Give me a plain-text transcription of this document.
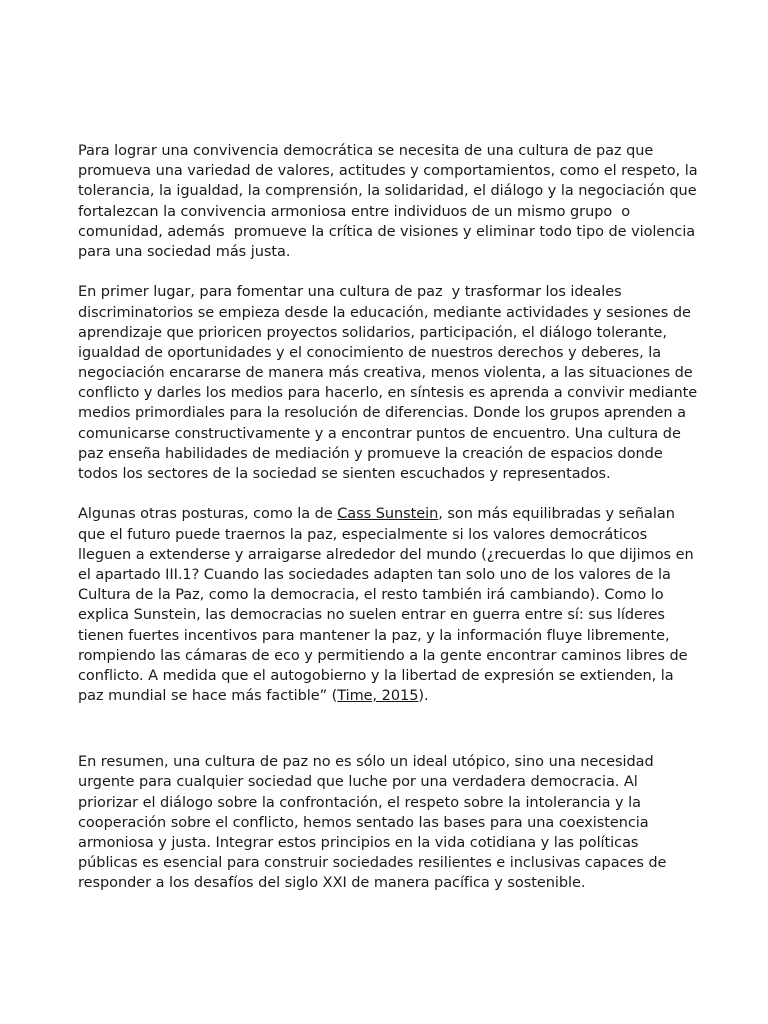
Para lograr una convivencia democrática se necesita de una cultura de paz que
promueva una variedad de valores, actitudes y comportamientos, como el respeto, la
tolerancia, la igualdad, la comprensión, la solidaridad, el diálogo y la negociación que
fortalezcan la convivencia armoniosa entre individuos de un mismo grupo  o
comunidad, además  promueve la crítica de visiones y eliminar todo tipo de violencia
para una sociedad más justa.
En primer lugar, para fomentar una cultura de paz  y trasformar los ideales
discriminatorios se empieza desde la educación, mediante actividades y sesiones de
aprendizaje que prioricen proyectos solidarios, participación, el diálogo tolerante,
igualdad de oportunidades y el conocimiento de nuestros derechos y deberes, la
negociación encararse de manera más creativa, menos violenta, a las situaciones de
conflicto y darles los medios para hacerlo, en síntesis es aprenda a convivir mediante
medios primordiales para la resolución de diferencias. Donde los grupos aprenden a
comunicarse constructivamente y a encontrar puntos de encuentro. Una cultura de
paz enseña habilidades de mediación y promueve la creación de espacios donde
todos los sectores de la sociedad se sienten escuchados y representados.
Algunas otras posturas, como la de Cass Sunstein, son más equilibradas y señalan
que el futuro puede traernos la paz, especialmente si los valores democráticos
lleguen a extenderse y arraigarse alrededor del mundo (¿recuerdas lo que dijimos en
el apartado III.1? Cuando las sociedades adapten tan solo uno de los valores de la
Cultura de la Paz, como la democracia, el resto también irá cambiando). Como lo
explica Sunstein, las democracias no suelen entrar en guerra entre sí: sus líderes
tienen fuertes incentivos para mantener la paz, y la información fluye libremente,
rompiendo las cámaras de eco y permitiendo a la gente encontrar caminos libres de
conflicto. A medida que el autogobierno y la libertad de expresión se extienden, la
paz mundial se hace más factible” (Time, 2015).
En resumen, una cultura de paz no es sólo un ideal utópico, sino una necesidad
urgente para cualquier sociedad que luche por una verdadera democracia. Al
priorizar el diálogo sobre la confrontación, el respeto sobre la intolerancia y la
cooperación sobre el conflicto, hemos sentado las bases para una coexistencia
armoniosa y justa. Integrar estos principios en la vida cotidiana y las políticas
públicas es esencial para construir sociedades resilientes e inclusivas capaces de
responder a los desafíos del siglo XXI de manera pacífica y sostenible.
